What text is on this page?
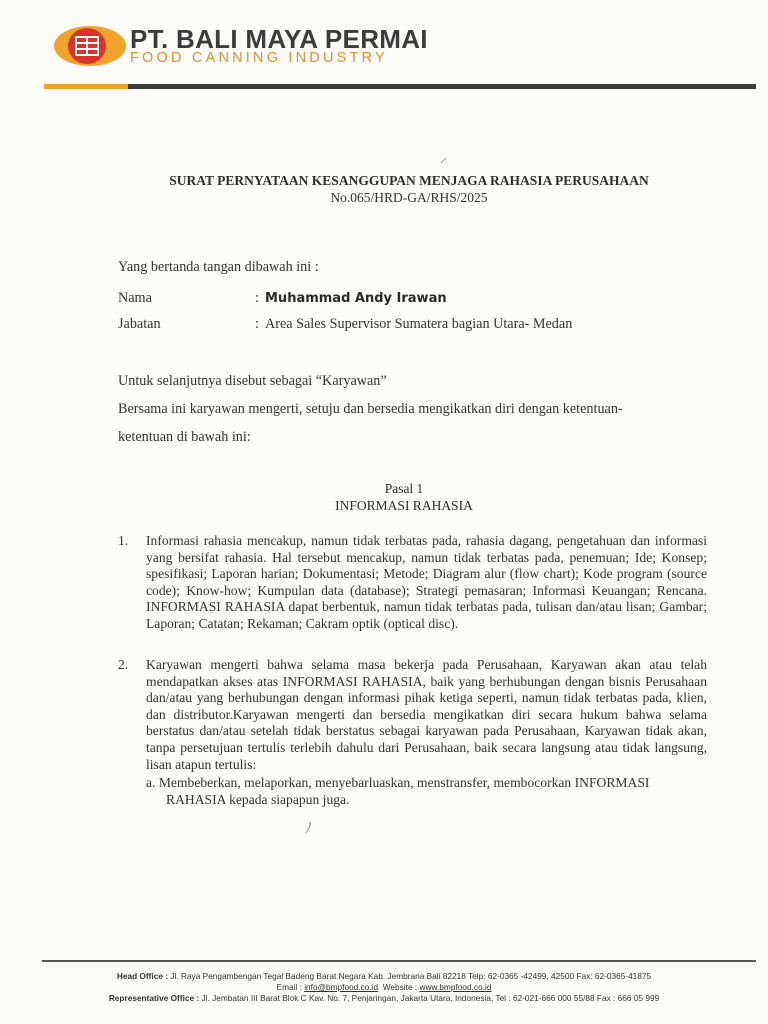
PT. BALI MAYA PERMAI
FOOD CANNING INDUSTRY
⸝
SURAT PERNYATAAN KESANGGUPAN MENJAGA RAHASIA PERUSAHAAN
No.065/HRD-GA/RHS/2025
Yang bertanda tangan dibawah ini :
Nama	: Muhammad Andy Irawan
Jabatan	: Area Sales Supervisor Sumatera bagian Utara- Medan
Untuk selanjutnya disebut sebagai “Karyawan”
Bersama ini karyawan mengerti, setuju dan bersedia mengikatkan diri dengan ketentuan-
ketentuan di bawah ini:
Pasal 1
INFORMASI RAHASIA
1. Informasi rahasia mencakup, namun tidak terbatas pada, rahasia dagang, pengetahuan dan informasi yang bersifat rahasia. Hal tersebut mencakup, namun tidak terbatas pada, penemuan; Ide; Konsep; spesifikasi; Laporan harian; Dokumentasi; Metode; Diagram alur (flow chart); Kode program (source code); Know-how; Kumpulan data (database); Strategi pemasaran; Informasi Keuangan; Rencana. INFORMASI RAHASIA dapat berbentuk, namun tidak terbatas pada, tulisan dan/atau lisan; Gambar; Laporan; Catatan; Rekaman; Cakram optik (optical disc).
2. Karyawan mengerti bahwa selama masa bekerja pada Perusahaan, Karyawan akan atau telah mendapatkan akses atas INFORMASI RAHASIA, baik yang berhubungan dengan bisnis Perusahaan dan/atau yang berhubungan dengan informasi pihak ketiga seperti, namun tidak terbatas pada, klien, dan distributor.Karyawan mengerti dan bersedia mengikatkan diri secara hukum bahwa selama berstatus dan/atau setelah tidak berstatus sebagai karyawan pada Perusahaan, Karyawan tidak akan, tanpa persetujuan tertulis terlebih dahulu dari Perusahaan, baik secara langsung atau tidak langsung, lisan atapun tertulis:
a. Membeberkan, melaporkan, menyebarluaskan, menstransfer, membocorkan INFORMASI
RAHASIA kepada siapapun juga.
ﾉ
Head Office : Jl. Raya Pengambengan Tegal Badeng Barat Negara Kab. Jembrana Bali 82218 Telp: 62-0365 -42499, 42500 Fax: 62-0365-41875
Email : info@bmpfood.co.id Website : www.bmpfood.co.id
Representative Office : Jl. Jembatan III Barat Blok C Kav. No. 7, Penjaringan, Jakarta Utara, Indonesia, Tel : 62-021-666 000 55/88 Fax : 666 05 999
